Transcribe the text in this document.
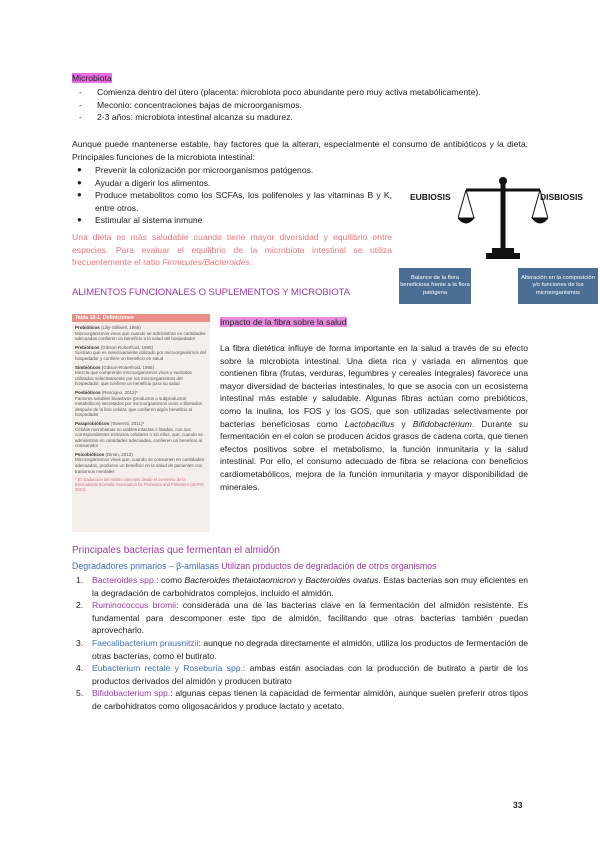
Microbiota
- Comienza dentro del útero (placenta: microbiota poco abundante pero muy activa metabólicamente).
- Meconio: concentraciones bajas de microorganismos.
- 2-3 años: microbiota intestinal alcanza su madurez.
Aunque puede mantenerse estable, hay factores que la alteran, especialmente el consumo de antibióticos y la dieta. Principales funciones de la microbiota intestinal:
● Prevenir la colonización por microorganismos patógenos.
● Ayudar a digerir los alimentos.
● Produce metabolitos como los SCFAs, los polifenoles y las vitaminas B y K, entre otros.
● Estimular al sistema inmune
Una dieta es más saludable cuando tiene mayor diversidad y equilibrio entre especies. Para evaluar el equilibrio de la microbiota intestinal se utiliza frecuentemente el ratio Firmicutes/Bacteroides.
EUBIOSIS	DISBIOSIS
Balance de la flora beneficiosa frente a la flora patógena
Alteración en la composición y/o funciones de los microorganismos
ALIMENTOS FUNCIONALES O SUPLEMENTOS Y MICROBIOTA
Tabla 18-1. Definiciones
Probióticos (Lilly-Stillwell, 1965)
Microorganismos vivos que cuando se administran en cantidades adecuadas confieren un beneficio a la salud del hospedador
Prebióticos (Gibson-Roberfroid, 1995)
Sustrato que es selectivamente utilizado por microorganismos del hospedador y confiere un beneficio en salud
Simbióticos (Gibson-Roberfroid, 1995)
Mezcla que comprende microorganismos vivos y sustratos utilizados selectivamente por los microorganismos del hospedador, que confiere un beneficio para su salud
Posbióticos (Rescigno, 2012)*
Factores solubles bioactivos (productos o subproductos metabólicos) secretados por microorganismos vivos o liberados después de la lisis celular, que confieren algún beneficio al hospedador
Paraprobióticos (Taverniti, 2011)*
Células microbianas no viables intactas o lisadas, con sus correspondientes extractos celulares o sin ellos, que, cuando se administran en cantidades adecuadas, confieren un beneficio al consumidor
Psicobióticos (Dinan, 2013)
Microorganismos vivos que, cuando se consumen en cantidades adecuadas, producen un beneficio en la salud de pacientes con trastornos mentales
* En traducción del mismo concepto desde el consenso de la International Scientific Association for Probiotics and Prebiotics (ISAPP, 2021).
Impacto de la fibra sobre la salud
La fibra dietética influye de forma importante en la salud a través de su efecto sobre la microbiota intestinal. Una dieta rica y variada en alimentos que contienen fibra (frutas, verduras, legumbres y cereales integrales) favorece una mayor diversidad de bacterias intestinales, lo que se asocia con un ecosistema intestinal más estable y saludable. Algunas fibras actúan como prebióticos, como la inulina, los FOS y los GOS, que son utilizadas selectivamente por bacterias beneficiosas como Lactobacillus y Bifidobacterium. Durante su fermentación en el colon se producen ácidos grasos de cadena corta, que tienen efectos positivos sobre el metabolismo, la función inmunitaria y la salud intestinal. Por ello, el consumo adecuado de fibra se relaciona con beneficios cardiometabólicos, mejora de la función inmunitaria y mayor disponibilidad de minerales.
Principales bacterias que fermentan el almidón
Degradadores primarios – β-amilasas Utilizan productos de degradación de otros organismos
1. Bacteroides spp.: como Bacteroides thetaiotaomicron y Bacteroides ovatus. Estas bacterias son muy eficientes en la degradación de carbohidratos complejos, incluido el almidón.
2. Ruminococcus bromii: considerada una de las bacterias clave en la fermentación del almidón resistente. Es fundamental para descomponer este tipo de almidón, facilitando que otras bacterias también puedan aprovecharlo.
3. Faecalibacterium prausnitzii: aunque no degrada directamente el almidón, utiliza los productos de fermentación de otras bacterias, como el butirato.
4. Eubacterium rectale y Roseburia spp.: ambas están asociadas con la producción de butirato a partir de los productos derivados del almidón y producen butirato
5. Bifidobacterium spp.: algunas cepas tienen la capacidad de fermentar almidón, aunque suelen preferir otros tipos de carbohidratos como oligosacáridos y produce lactato y acetato.
33
